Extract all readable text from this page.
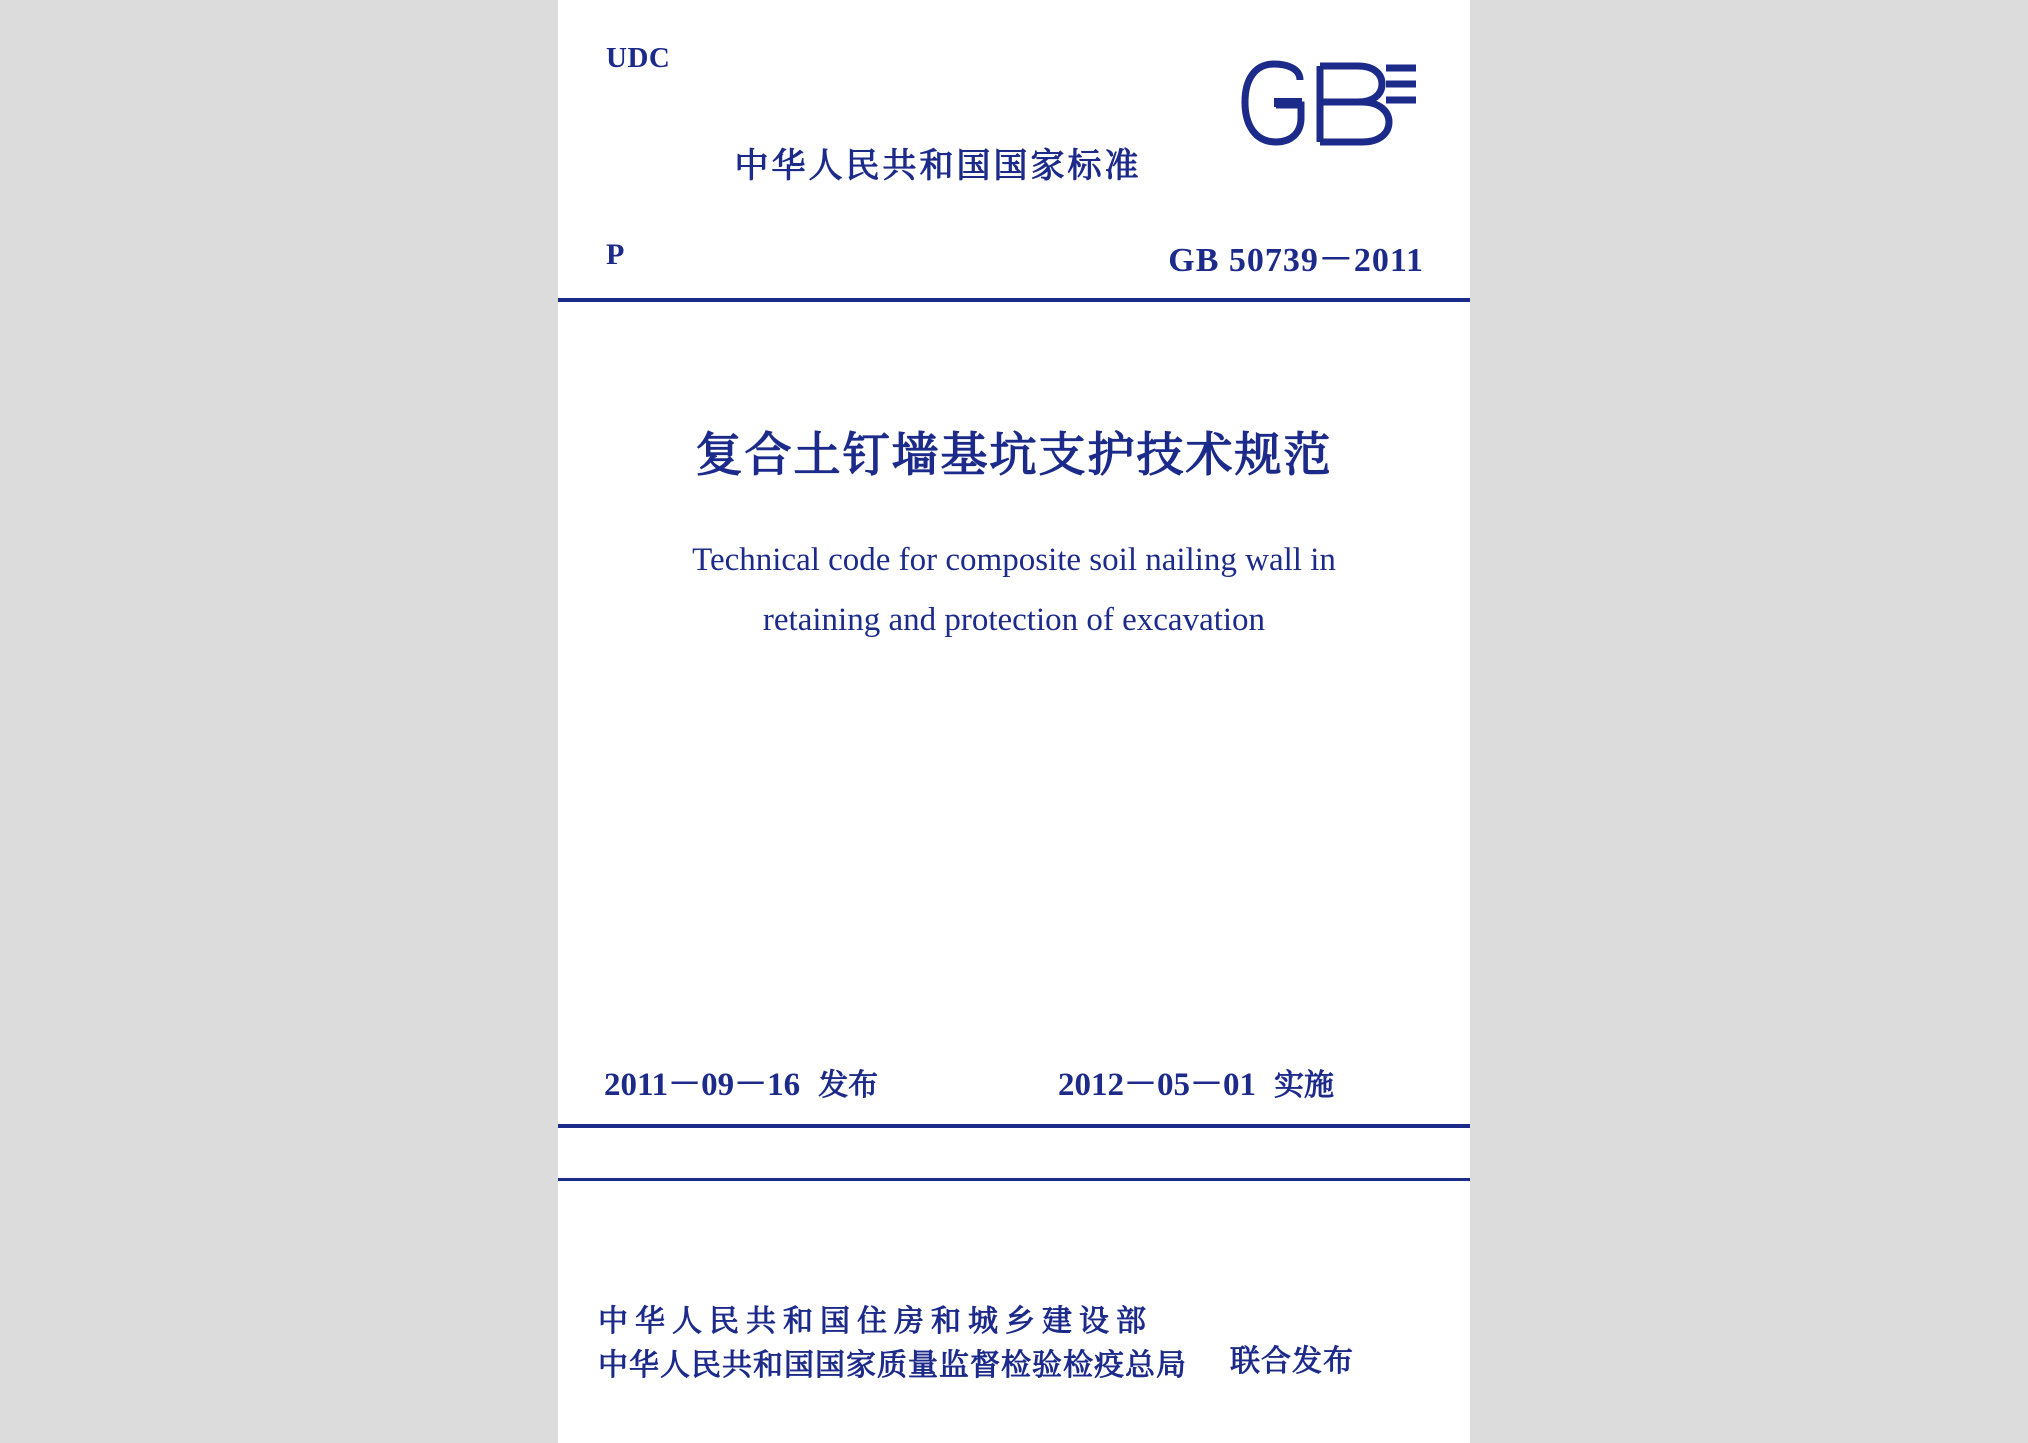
UDC
中华人民共和国国家标准
P	GB 50739－2011
复合土钉墙基坑支护技术规范
Technical code for composite soil nailing wall in
retaining and protection of excavation
2011－09－16 发布	2012－05－01 实施
中华人民共和国住房和城乡建设部
中华人民共和国国家质量监督检验检疫总局	联合发布
